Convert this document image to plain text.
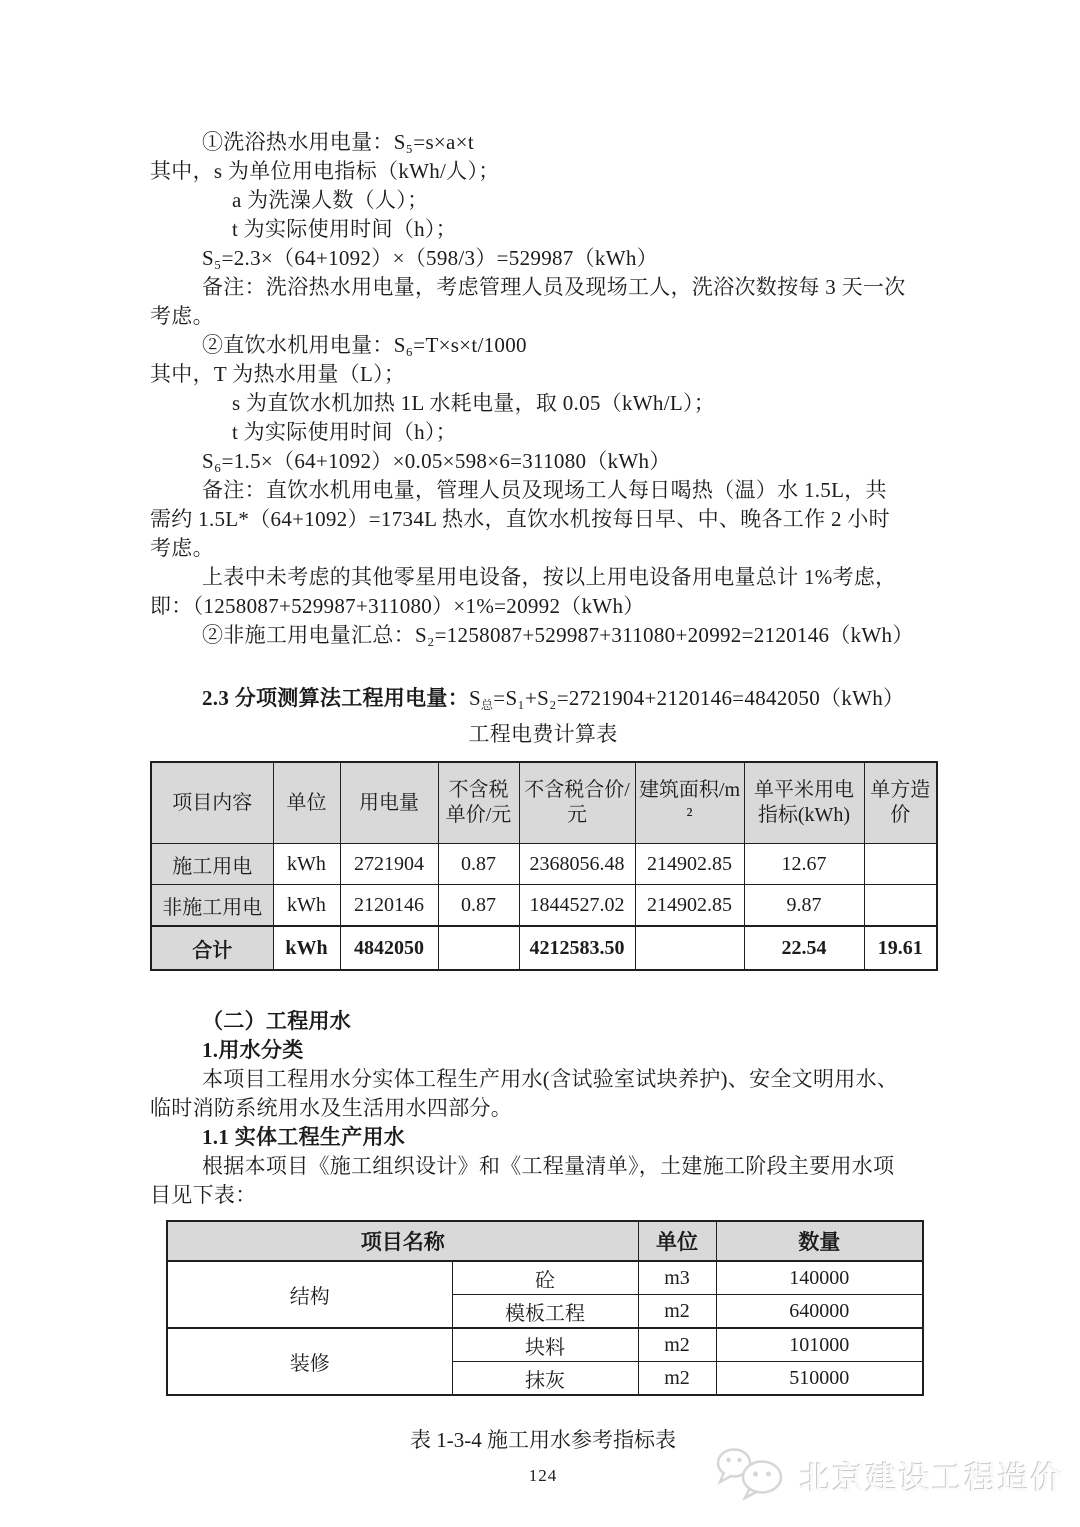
①洗浴热水用电量：S₅=s×a×t
其中，s 为单位用电指标（kWh/人）；
a 为洗澡人数（人）；
t 为实际使用时间（h）；
S₅=2.3×（64+1092）×（598/3）=529987（kWh）
备注：洗浴热水用电量，考虑管理人员及现场工人，洗浴次数按每 3 天一次
考虑。
②直饮水机用电量：S₆=T×s×t/1000
其中，T 为热水用量（L）；
s 为直饮水机加热 1L 水耗电量，取 0.05（kWh/L）；
t 为实际使用时间（h）；
S₆=1.5×（64+1092）×0.05×598×6=311080（kWh）
备注：直饮水机用电量，管理人员及现场工人每日喝热（温）水 1.5L，共
需约 1.5L*（64+1092）=1734L 热水，直饮水机按每日早、中、晚各工作 2 小时
考虑。
上表中未考虑的其他零星用电设备，按以上用电设备用电量总计 1%考虑，
即：（1258087+529987+311080）×1%=20992（kWh）
②非施工用电量汇总：S₂=1258087+529987+311080+20992=2120146（kWh）
2.3 分项测算法工程用电量：S总=S₁+S₂=2721904+2120146=4842050（kWh）
工程电费计算表
项目内容	单位	用电量	不含税单价/元	不含税合价/元	建筑面积/m²	单平米用电指标(kWh)	单方造价
施工用电	kWh	2721904	0.87	2368056.48	214902.85	12.67	
非施工用电	kWh	2120146	0.87	1844527.02	214902.85	9.87	
合计	kWh	4842050		4212583.50		22.54	19.61
（二）工程用水
1.用水分类
本项目工程用水分实体工程生产用水(含试验室试块养护)、安全文明用水、
临时消防系统用水及生活用水四部分。
1.1 实体工程生产用水
根据本项目《施工组织设计》和《工程量清单》，土建施工阶段主要用水项
目见下表：
项目名称		单位	数量
结构	砼	m3	140000
	模板工程	m2	640000
装修	块料	m2	101000
	抹灰	m2	510000
表 1-3-4 施工用水参考指标表
124	北京建设工程造价
